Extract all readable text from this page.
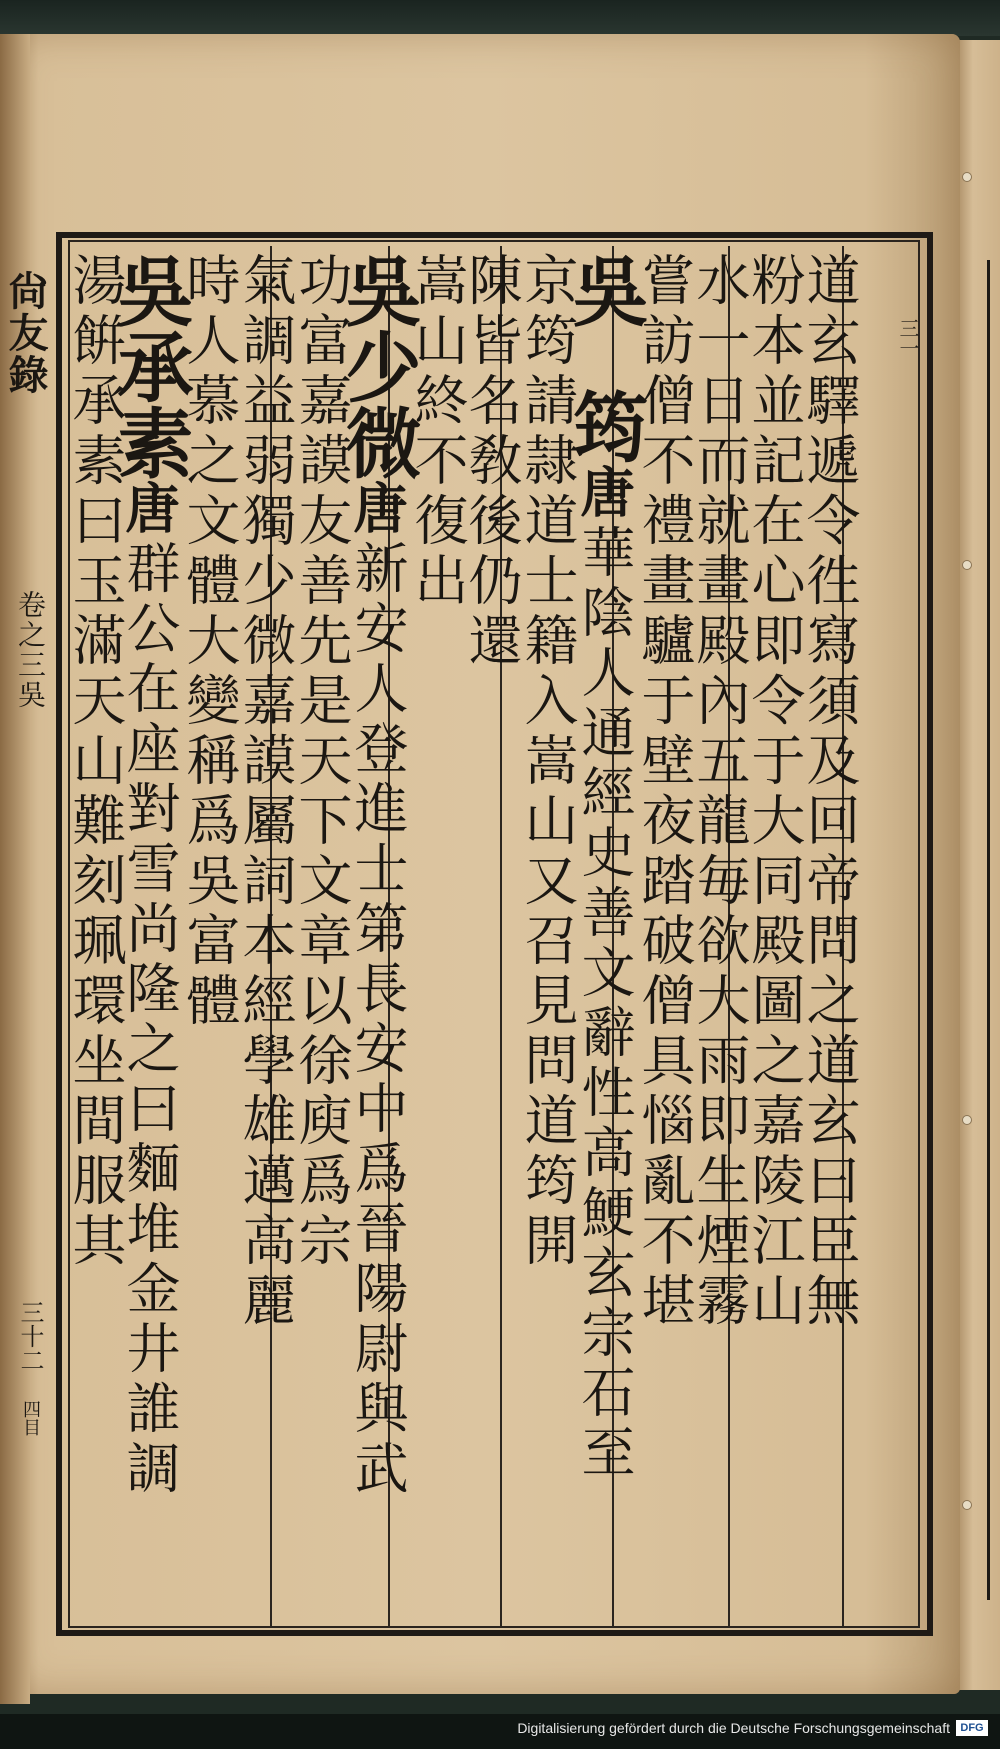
尙友錄
卷之三吳
三十二 四目
道玄驛遞令徃寫須及回帝問之道玄曰臣無 三一
粉本並記在心即令于大同殿圖之嘉陵江山
水一日而就畫殿內五龍毎欲大雨即生煙霧
嘗訪僧不禮畫驢于壁夜踏破僧具惱亂不堪
吳　筠唐華陰人通經史善文辭性高鯁玄宗石至
京筠請隷道士籍入嵩山又召見問道筠開
陳皆名敎後仍還
嵩山終不復出
吳少微唐新安人登進士第長安中爲晉陽尉與武
功富嘉謨友善先是天下文章以徐庾爲宗
氣調益弱獨少微嘉謨屬詞本經學雄邁高麗
時人慕之文體大變稱爲吳富體
吳承素唐群公在座對雪尚隆之曰麵堆金井誰調
湯餠承素曰玉滿天山難刻珮環坐間服其
Digitalisierung gefördert durch die Deutsche Forschungsgemeinschaft DFG
